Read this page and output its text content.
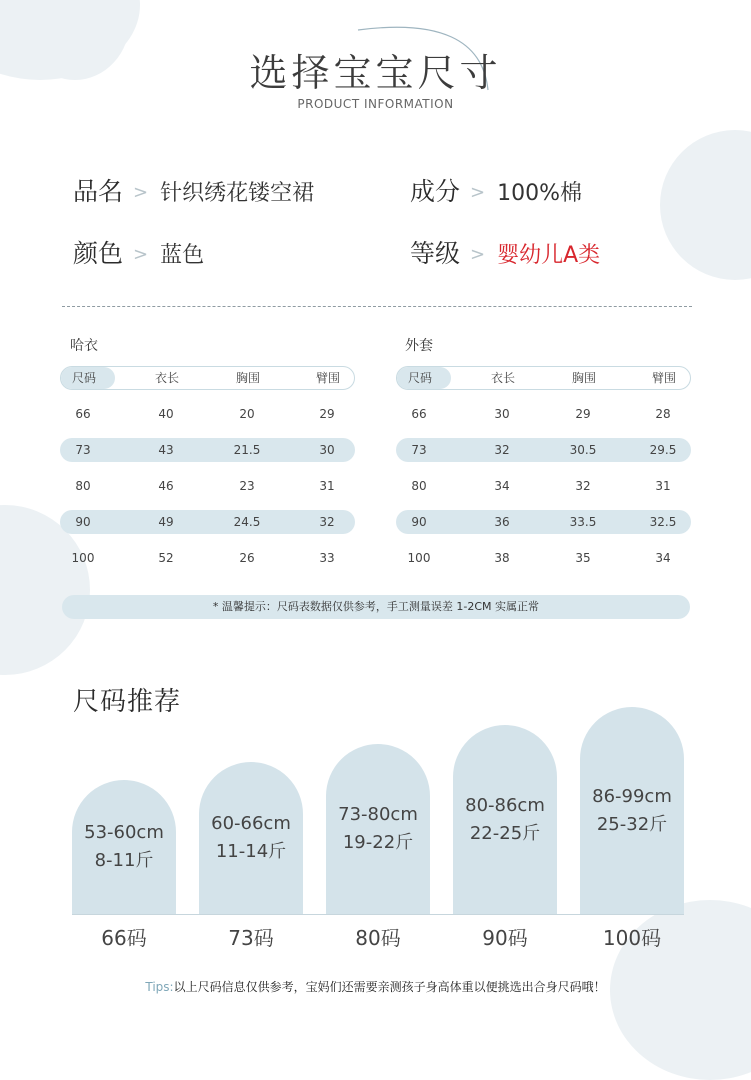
选择宝宝尺寸
PRODUCT INFORMATION
品名 > 针织绣花镂空裙	成分 > 100%棉
颜色 > 蓝色	等级 > 婴幼儿A类
哈衣
尺码	衣长	胸围	臂围
66	40	20	29
73	43	21.5	30
80	46	23	31
90	49	24.5	32
100	52	26	33
外套
尺码	衣长	胸围	臂围
66	30	29	28
73	32	30.5	29.5
80	34	32	31
90	36	33.5	32.5
100	38	35	34
* 温馨提示：尺码表数据仅供参考，手工测量误差 1-2CM 实属正常
尺码推荐
53-60cm
8-11斤
66码
60-66cm
11-14斤
73码
73-80cm
19-22斤
80码
80-86cm
22-25斤
90码
86-99cm
25-32斤
100码
Tips:以上尺码信息仅供参考，宝妈们还需要亲测孩子身高体重以便挑选出合身尺码哦！
